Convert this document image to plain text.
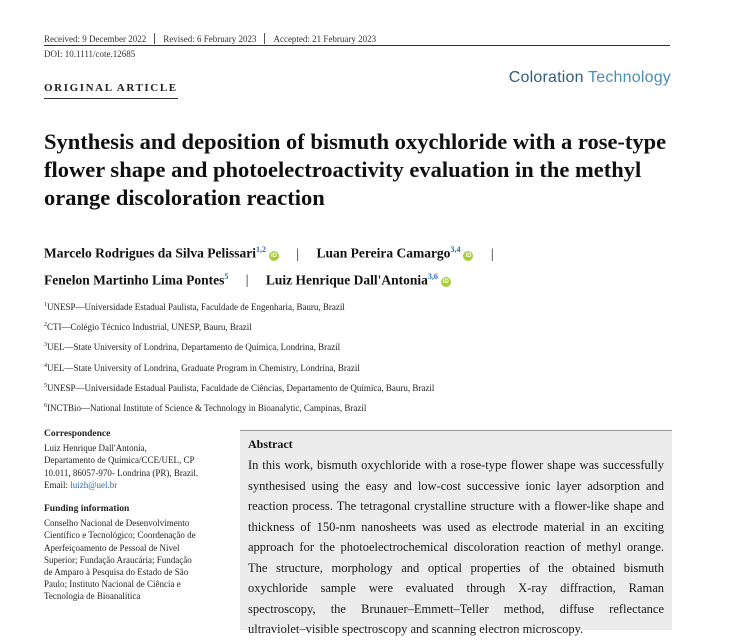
Received: 9 December 2022 Revised: 6 February 2023 Accepted: 21 February 2023
DOI: 10.1111/cote.12685
ORIGINAL ARTICLE
Coloration Technology
Synthesis and deposition of bismuth oxychloride with a rose-type flower shape and photoelectroactivity evaluation in the methyl orange discoloration reaction
Marcelo Rodrigues da Silva Pelissari$^{1,2}$iD | Luan Pereira Camargo$^{3,4}$iD |
Fenelon Martinho Lima Pontes$^5$ | Luiz Henrique Dall'Antonia$^{3,6}$iD
$^1$UNESP—Universidade Estadual Paulista, Faculdade de Engenharia, Bauru, Brazil
$^2$CTI—Colégio Técnico Industrial, UNESP, Bauru, Brazil
$^3$UEL—State University of Londrina, Departamento de Química, Londrina, Brazil
$^4$UEL—State University of Londrina, Graduate Program in Chemistry, Londrina, Brazil
$^5$UNESP—Universidade Estadual Paulista, Faculdade de Ciências, Departamento de Química, Bauru, Brazil
$^6$INCTBio—National Institute of Science & Technology in Bioanalytic, Campinas, Brazil
Correspondence
Luiz Henrique Dall'Antonia,
Departamento de Química/CCE/UEL, CP
10.011, 86057-970- Londrina (PR), Brazil.
Email: luizh@uel.br
Funding information
Conselho Nacional de Desenvolvimento
Científico e Tecnológico; Coordenação de
Aperfeiçoamento de Pessoal de Nível
Superior; Fundação Araucária; Fundação
de Amparo à Pesquisa do Estado de São
Paulo; Instituto Nacional de Ciência e
Tecnologia de Bioanalítica
Abstract

In this work, bismuth oxychloride with a rose-type flower shape was successfully synthesised using the easy and low-cost successive ionic layer adsorption and reaction process. The tetragonal crystalline structure with a flower-like shape and thickness of 150-nm nanosheets was used as electrode material in an exciting approach for the photoelectrochemical discoloration reaction of methyl orange. The structure, morphology and optical properties of the obtained bismuth oxychloride sample were evaluated through X-ray diffraction, Raman spectroscopy, the Brunauer–Emmett–Teller method, diffuse reflectance ultraviolet–visible spectroscopy and scanning electron microscopy.
